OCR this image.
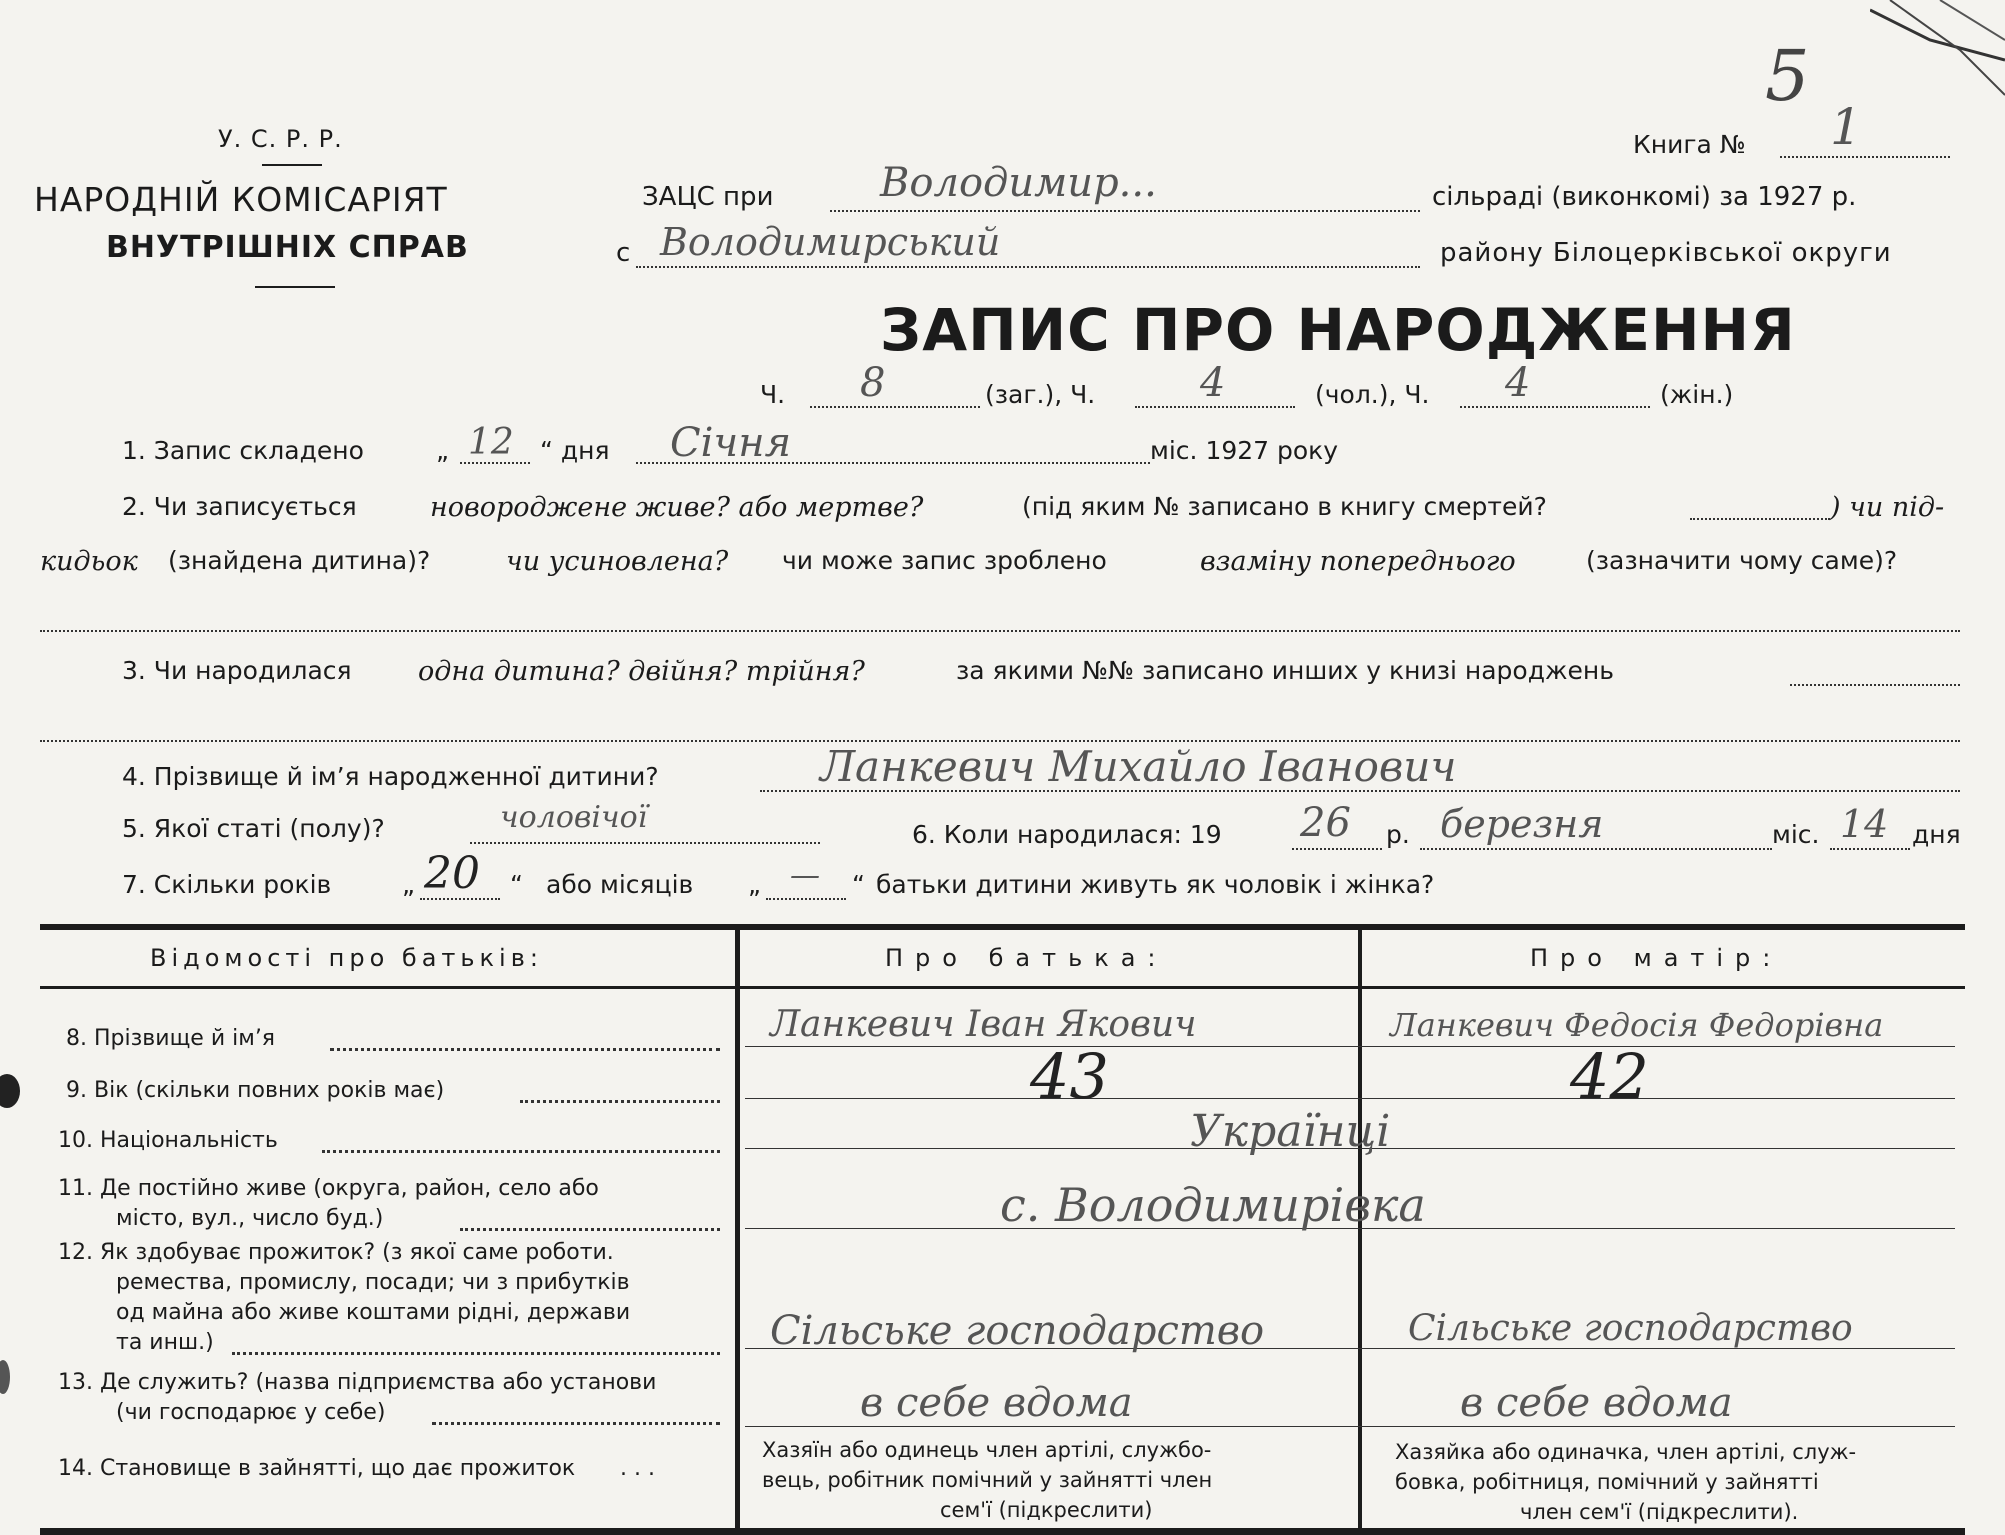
5
У. С. Р. Р.
НАРОДНІЙ КОМІСАРІЯТ
ВНУТРІШНІХ СПРАВ
Книга № 1
ЗАЦС при	Володимир...	сільраді (виконкомі) за 1927 р.
с Володимирський	району Білоцерківської округи
ЗАПИС ПРО НАРОДЖЕННЯ
Ч. 8	(заг.), Ч.	4	(чол.), Ч. 4	(жін.)
1. Запис складено	„ 12 “ дня Січня	міс. 1927 року
2. Чи записується	новороджене живе? або мертве?	(під яким № записано в книгу смертей?	) чи під-
кидьок (знайдена дитина)?	чи усиновлена? чи може запис зроблено	взаміну попереднього	(зазначити чому саме)?
3. Чи народилася одна дитина? двійня? трійня?	за якими №№ записано инших у книзі народжень
4. Прізвище й ім’я народженної дитини?	Ланкевич Михайло Іванович
5. Якої статі (полу)?	чоловічої	6. Коли народилася: 19 26 р. березня	міс. 14 дня
7. Скільки років	„ 20 “ або місяців „ — “ батьки дитини живуть як чоловік і жінка?
Відомості про батьків:	Про батька:	Про матір:
8. Прізвище й ім’я	Ланкевич Іван Якович	Ланкевич Федосія Федорівна
9. Вік (скільки повних років має)	43	42
10. Національність	Українці
11. Де постійно живе (округа, район, село або
місто, вул., число буд.)	с. Володимирівка
12. Як здобуває прожиток? (з якої саме роботи.
ремества, промислу, посади; чи з прибутків
од майна або живе коштами рідні, держави
та инш.)	Сільське господарство	Сільське господарство
13. Де служить? (назва підприємства або установи
(чи господарює у себе)	в себе вдома	в себе вдома
14. Становище в зайнятті, що дає прожиток . . .
Хазяїн або одинець член артілі, службо-
вець, робітник помічний у зайнятті член
сем'ї (підкреслити)
Хазяйка або одиначка, член артілі, служ-
бовка, робітниця, помічний у зайнятті
член сем'ї (підкреслити).
